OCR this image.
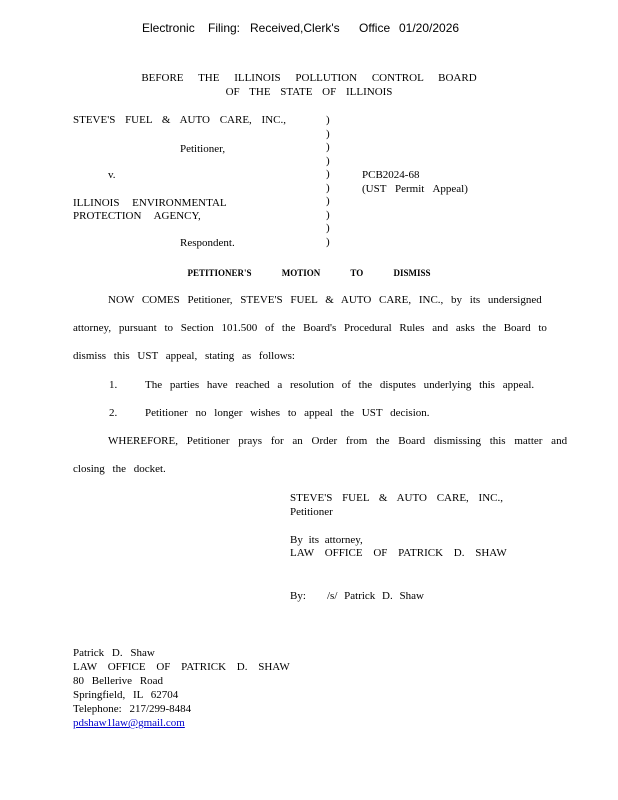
Electronic Filing: Received,Clerk's Office 01/20/2026
BEFORE THE ILLINOIS POLLUTION CONTROL BOARD
OF THE STATE OF ILLINOIS
STEVE'S FUEL & AUTO CARE, INC.,
Petitioner,
v.
ILLINOIS ENVIRONMENTAL
PROTECTION AGENCY,
Respondent.
)
)
)
)
)
)
)
)
)
)
PCB2024-68
(UST Permit Appeal)
PETITIONER'S MOTION TO DISMISS
NOW COMES Petitioner, STEVE'S FUEL & AUTO CARE, INC., by its undersigned
attorney, pursuant to Section 101.500 of the Board's Procedural Rules and asks the Board to
dismiss this UST appeal, stating as follows:
1.	The parties have reached a resolution of the disputes underlying this appeal.
2.	Petitioner no longer wishes to appeal the UST decision.
WHEREFORE, Petitioner prays for an Order from the Board dismissing this matter and
closing the docket.
STEVE'S FUEL & AUTO CARE, INC.,
Petitioner
By its attorney,
LAW OFFICE OF PATRICK D. SHAW
By: /s/ Patrick D. Shaw
Patrick D. Shaw
LAW OFFICE OF PATRICK D. SHAW
80 Bellerive Road
Springfield, IL 62704
Telephone: 217/299-8484
pdshaw1law@gmail.com
